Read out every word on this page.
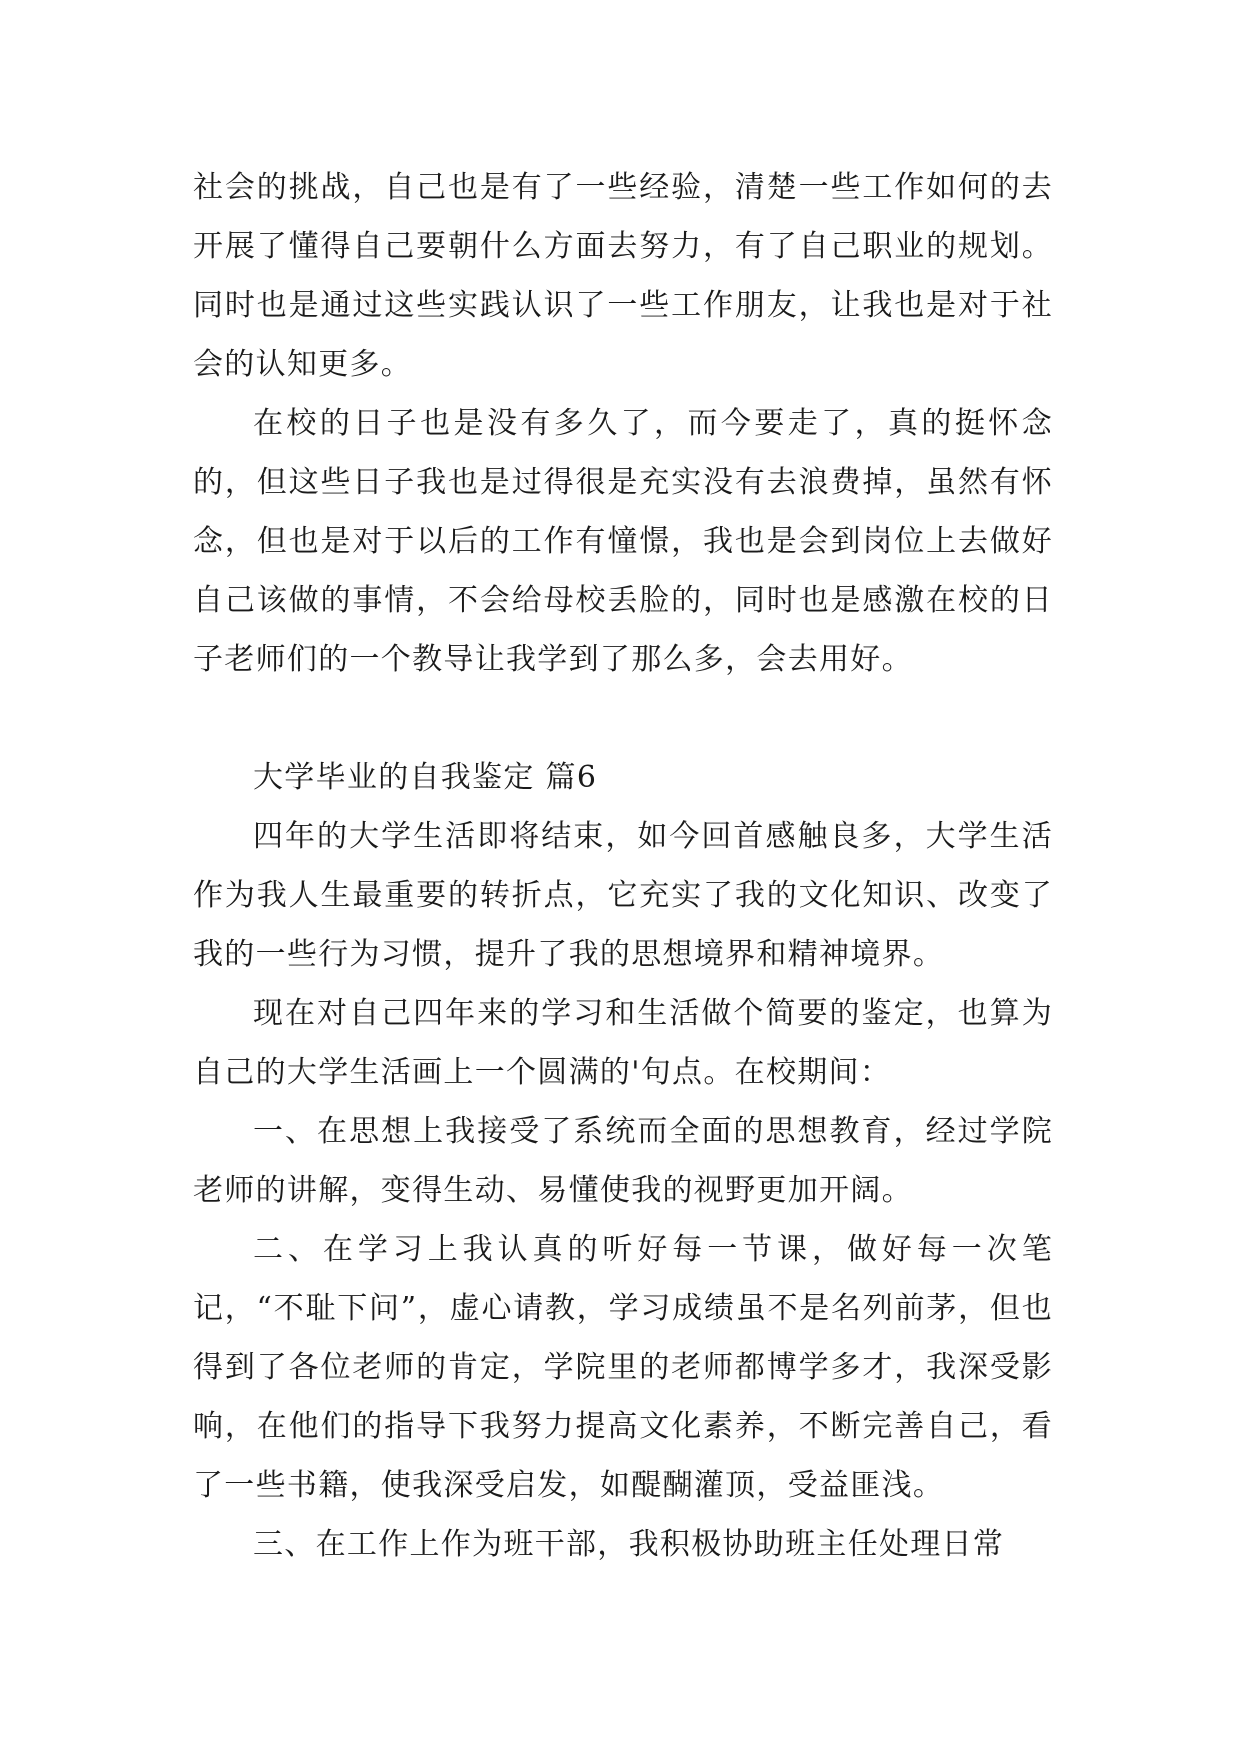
社会的挑战，自己也是有了一些经验，清楚一些工作如何的去开展了懂得自己要朝什么方面去努力，有了自己职业的规划。同时也是通过这些实践认识了一些工作朋友，让我也是对于社会的认知更多。

在校的日子也是没有多久了，而今要走了，真的挺怀念的，但这些日子我也是过得很是充实没有去浪费掉，虽然有怀念，但也是对于以后的工作有憧憬，我也是会到岗位上去做好自己该做的事情，不会给母校丢脸的，同时也是感激在校的日子老师们的一个教导让我学到了那么多，会去用好。

大学毕业的自我鉴定 篇6

四年的大学生活即将结束，如今回首感触良多，大学生活作为我人生最重要的转折点，它充实了我的文化知识、改变了我的一些行为习惯，提升了我的思想境界和精神境界。

现在对自己四年来的学习和生活做个简要的鉴定，也算为自己的大学生活画上一个圆满的'句点。在校期间：

一、在思想上我接受了系统而全面的思想教育，经过学院老师的讲解，变得生动、易懂使我的视野更加开阔。

二、在学习上我认真的听好每一节课，做好每一次笔记，“不耻下问”，虚心请教，学习成绩虽不是名列前茅，但也得到了各位老师的肯定，学院里的老师都博学多才，我深受影响，在他们的指导下我努力提高文化素养，不断完善自己，看了一些书籍，使我深受启发，如醍醐灌顶，受益匪浅。

三、在工作上作为班干部，我积极协助班主任处理日常
